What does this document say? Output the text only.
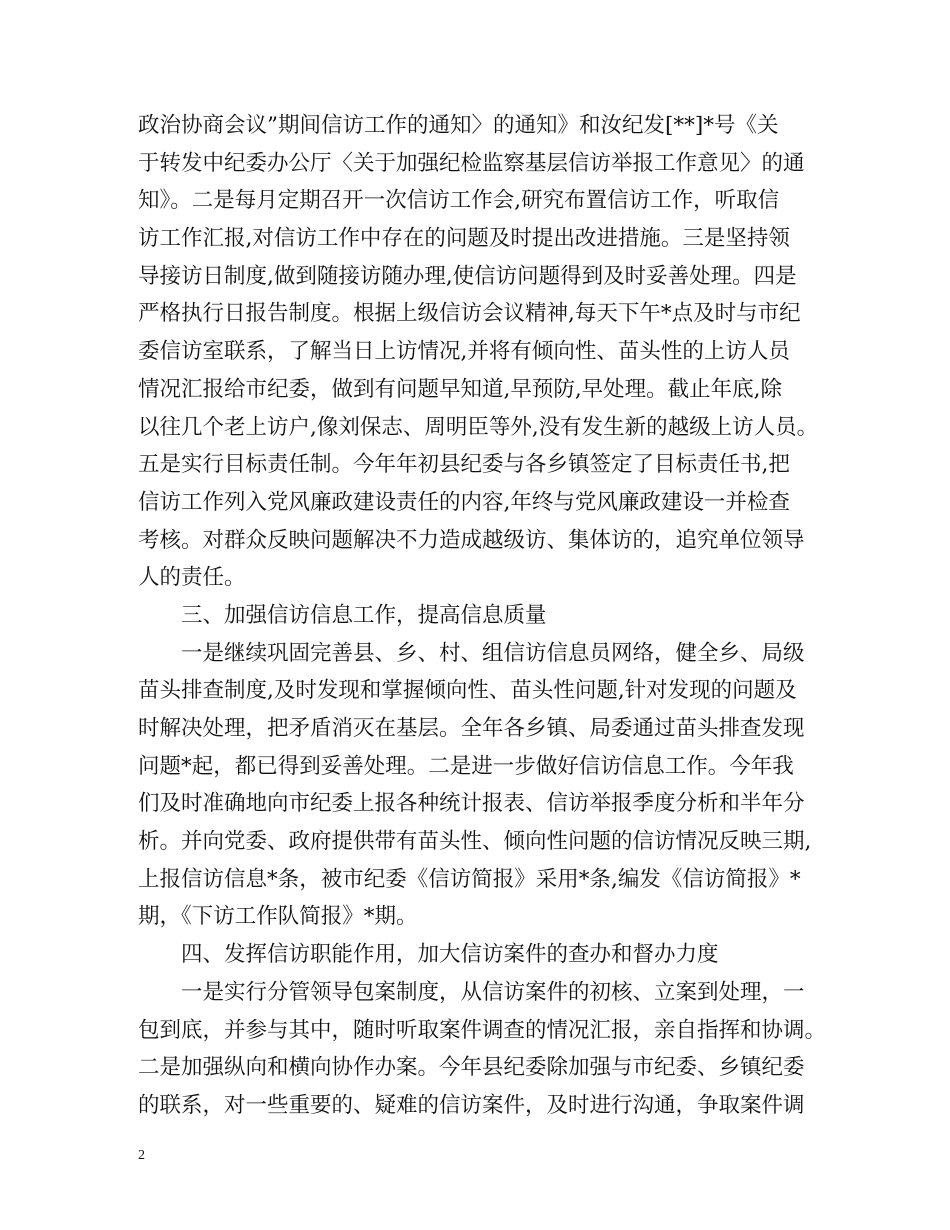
政治协商会议”期间信访工作的通知〉的通知》和汝纪发[**]*号《关
于转发中纪委办公厅〈关于加强纪检监察基层信访举报工作意见〉的通
知》。二是每月定期召开一次信访工作会,研究布置信访工作，听取信
访工作汇报,对信访工作中存在的问题及时提出改进措施。三是坚持领
导接访日制度,做到随接访随办理,使信访问题得到及时妥善处理。四是
严格执行日报告制度。根据上级信访会议精神,每天下午*点及时与市纪
委信访室联系，了解当日上访情况,并将有倾向性、苗头性的上访人员
情况汇报给市纪委，做到有问题早知道,早预防,早处理。截止年底,除
以往几个老上访户,像刘保志、周明臣等外,没有发生新的越级上访人员。
五是实行目标责任制。今年年初县纪委与各乡镇签定了目标责任书,把
信访工作列入党风廉政建设责任的内容,年终与党风廉政建设一并检查
考核。对群众反映问题解决不力造成越级访、集体访的，追究单位领导
人的责任。
三、加强信访信息工作，提高信息质量
一是继续巩固完善县、乡、村、组信访信息员网络，健全乡、局级
苗头排查制度,及时发现和掌握倾向性、苗头性问题,针对发现的问题及
时解决处理，把矛盾消灭在基层。全年各乡镇、局委通过苗头排查发现
问题*起，都已得到妥善处理。二是进一步做好信访信息工作。今年我
们及时准确地向市纪委上报各种统计报表、信访举报季度分析和半年分
析。并向党委、政府提供带有苗头性、倾向性问题的信访情况反映三期,
上报信访信息*条，被市纪委《信访简报》采用*条,编发《信访简报》*
期，《下访工作队简报》*期。
四、发挥信访职能作用，加大信访案件的查办和督办力度
一是实行分管领导包案制度，从信访案件的初核、立案到处理，一
包到底，并参与其中，随时听取案件调查的情况汇报，亲自指挥和协调。
二是加强纵向和横向协作办案。今年县纪委除加强与市纪委、乡镇纪委
的联系，对一些重要的、疑难的信访案件，及时进行沟通，争取案件调
2
